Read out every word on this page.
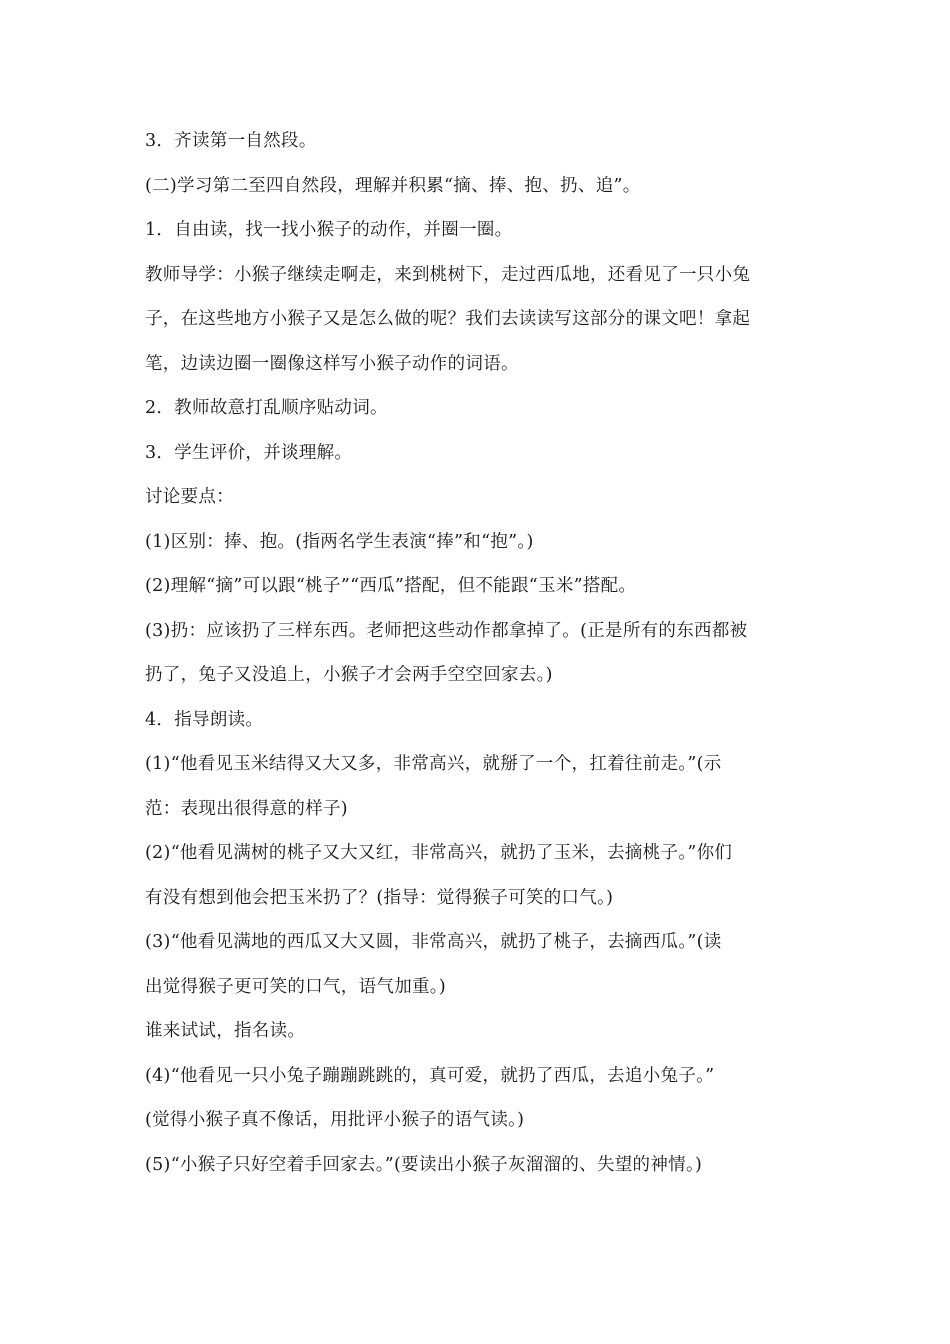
3．齐读第一自然段。
(二)学习第二至四自然段，理解并积累“摘、捧、抱、扔、追”。
1．自由读，找一找小猴子的动作，并圈一圈。
教师导学：小猴子继续走啊走，来到桃树下，走过西瓜地，还看见了一只小兔
子，在这些地方小猴子又是怎么做的呢？我们去读读写这部分的课文吧！拿起
笔，边读边圈一圈像这样写小猴子动作的词语。
2．教师故意打乱顺序贴动词。
3．学生评价，并谈理解。
讨论要点：
(1)区别：捧、抱。(指两名学生表演“捧”和“抱”。)
(2)理解“摘”可以跟“桃子”“西瓜”搭配，但不能跟“玉米”搭配。
(3)扔：应该扔了三样东西。老师把这些动作都拿掉了。(正是所有的东西都被
扔了，兔子又没追上，小猴子才会两手空空回家去。)
4．指导朗读。
(1)“他看见玉米结得又大又多，非常高兴，就掰了一个，扛着往前走。”(示
范：表现出很得意的样子)
(2)“他看见满树的桃子又大又红，非常高兴，就扔了玉米，去摘桃子。”你们
有没有想到他会把玉米扔了？(指导：觉得猴子可笑的口气。)
(3)“他看见满地的西瓜又大又圆，非常高兴，就扔了桃子，去摘西瓜。”(读
出觉得猴子更可笑的口气，语气加重。)
谁来试试，指名读。
(4)“他看见一只小兔子蹦蹦跳跳的，真可爱，就扔了西瓜，去追小兔子。”
(觉得小猴子真不像话，用批评小猴子的语气读。)
(5)“小猴子只好空着手回家去。”(要读出小猴子灰溜溜的、失望的神情。)
